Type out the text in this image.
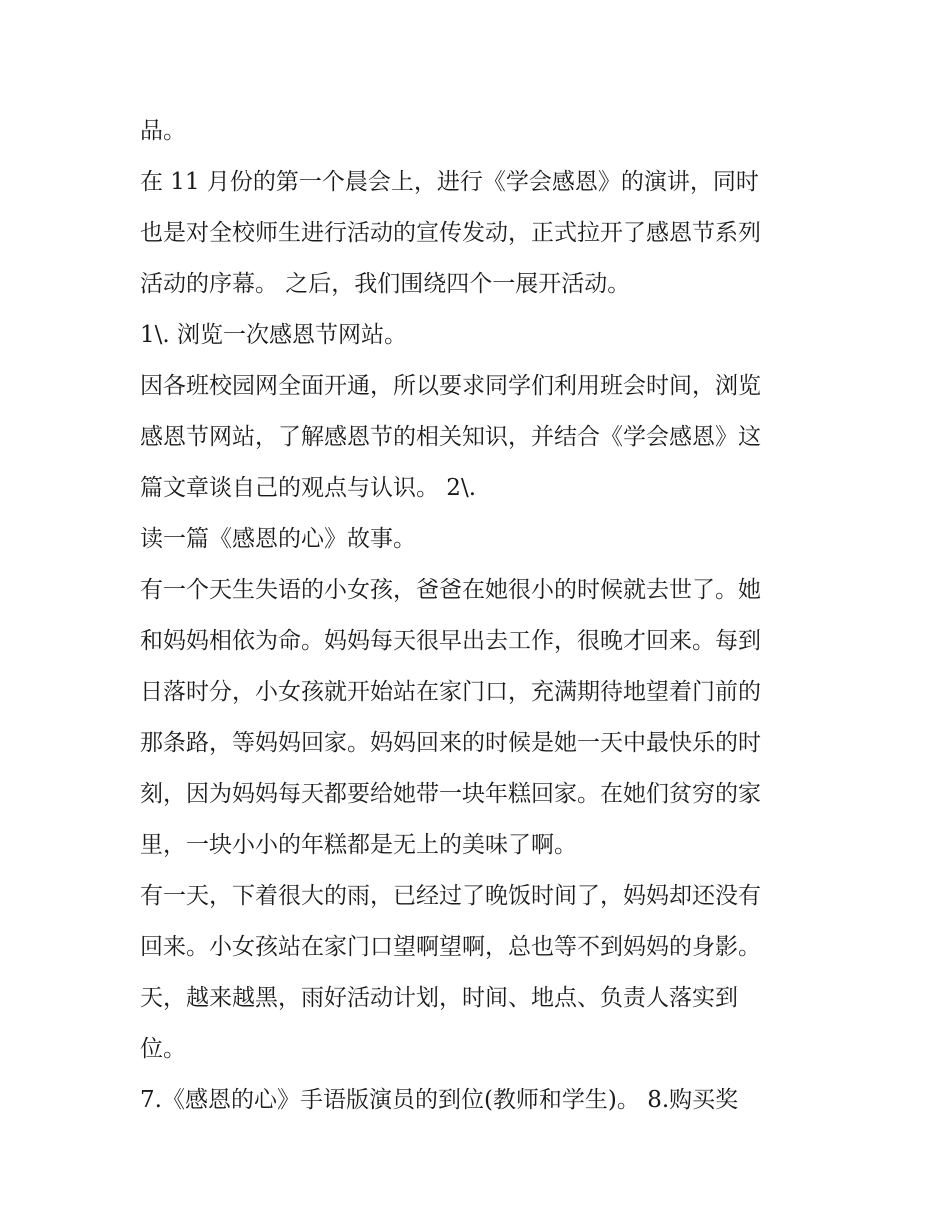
品。
在 11 月份的第一个晨会上，进行《学会感恩》的演讲，同时
也是对全校师生进行活动的宣传发动，正式拉开了感恩节系列
活动的序幕。 之后，我们围绕四个一展开活动。
1\. 浏览一次感恩节网站。
因各班校园网全面开通，所以要求同学们利用班会时间，浏览
感恩节网站，了解感恩节的相关知识，并结合《学会感恩》这
篇文章谈自己的观点与认识。 2\.
读一篇《感恩的心》故事。
有一个天生失语的小女孩，爸爸在她很小的时候就去世了。她
和妈妈相依为命。妈妈每天很早出去工作，很晚才回来。每到
日落时分，小女孩就开始站在家门口，充满期待地望着门前的
那条路，等妈妈回家。妈妈回来的时候是她一天中最快乐的时
刻，因为妈妈每天都要给她带一块年糕回家。在她们贫穷的家
里，一块小小的年糕都是无上的美味了啊。
有一天，下着很大的雨，已经过了晚饭时间了，妈妈却还没有
回来。小女孩站在家门口望啊望啊，总也等不到妈妈的身影。
天，越来越黑，雨好活动计划，时间、地点、负责人落实到
位。
7.《感恩的心》手语版演员的到位(教师和学生)。 8.购买奖
